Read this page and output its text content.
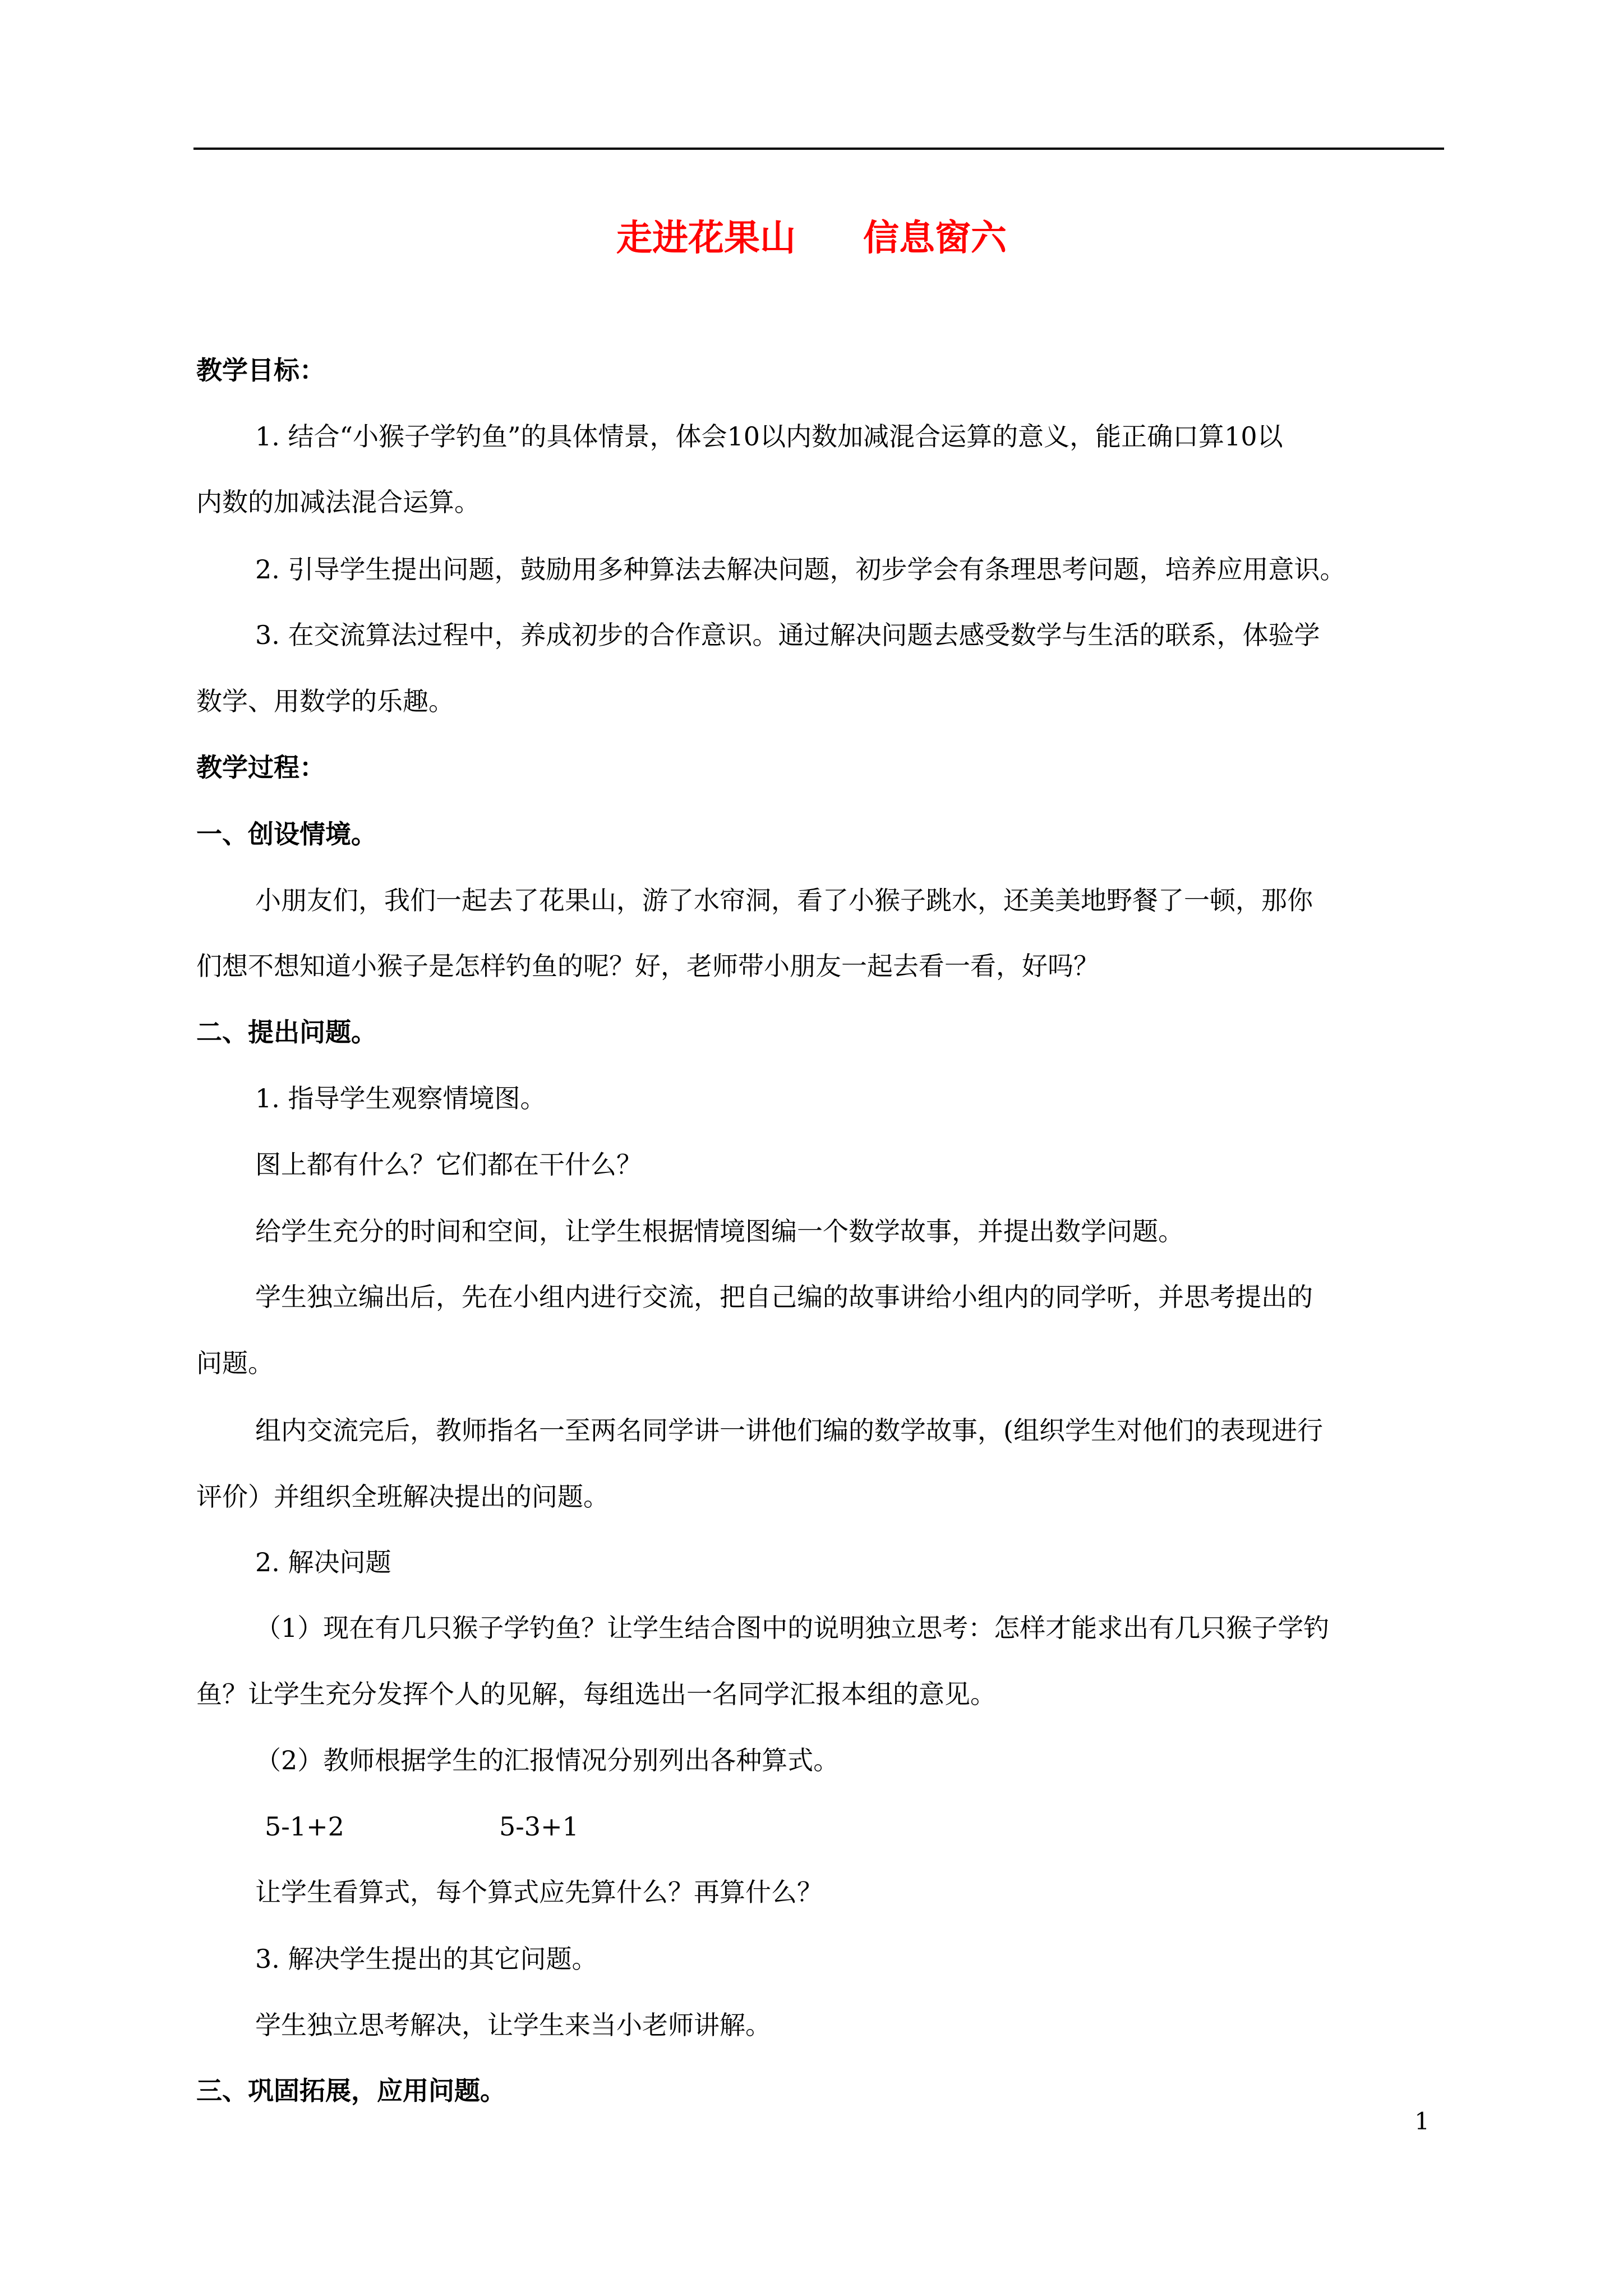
走进花果山 信息窗六
教学目标：
1. 结合“小猴子学钓鱼”的具体情景，体会10以内数加减混合运算的意义，能正确口算10以
内数的加减法混合运算。
2. 引导学生提出问题，鼓励用多种算法去解决问题，初步学会有条理思考问题，培养应用意识。
3. 在交流算法过程中，养成初步的合作意识。通过解决问题去感受数学与生活的联系，体验学
数学、用数学的乐趣。
教学过程：
一、创设情境。
小朋友们，我们一起去了花果山，游了水帘洞，看了小猴子跳水，还美美地野餐了一顿，那你
们想不想知道小猴子是怎样钓鱼的呢？好，老师带小朋友一起去看一看，好吗？
二、提出问题。
1. 指导学生观察情境图。
图上都有什么？它们都在干什么？
给学生充分的时间和空间，让学生根据情境图编一个数学故事，并提出数学问题。
学生独立编出后，先在小组内进行交流，把自己编的故事讲给小组内的同学听，并思考提出的
问题。
组内交流完后，教师指名一至两名同学讲一讲他们编的数学故事，(组织学生对他们的表现进行
评价）并组织全班解决提出的问题。
2. 解决问题
（1）现在有几只猴子学钓鱼？让学生结合图中的说明独立思考：怎样才能求出有几只猴子学钓
鱼？让学生充分发挥个人的见解，每组选出一名同学汇报本组的意见。
（2）教师根据学生的汇报情况分别列出各种算式。
5-1+2	5-3+1
让学生看算式，每个算式应先算什么？再算什么？
3. 解决学生提出的其它问题。
学生独立思考解决，让学生来当小老师讲解。
三、巩固拓展，应用问题。
1
